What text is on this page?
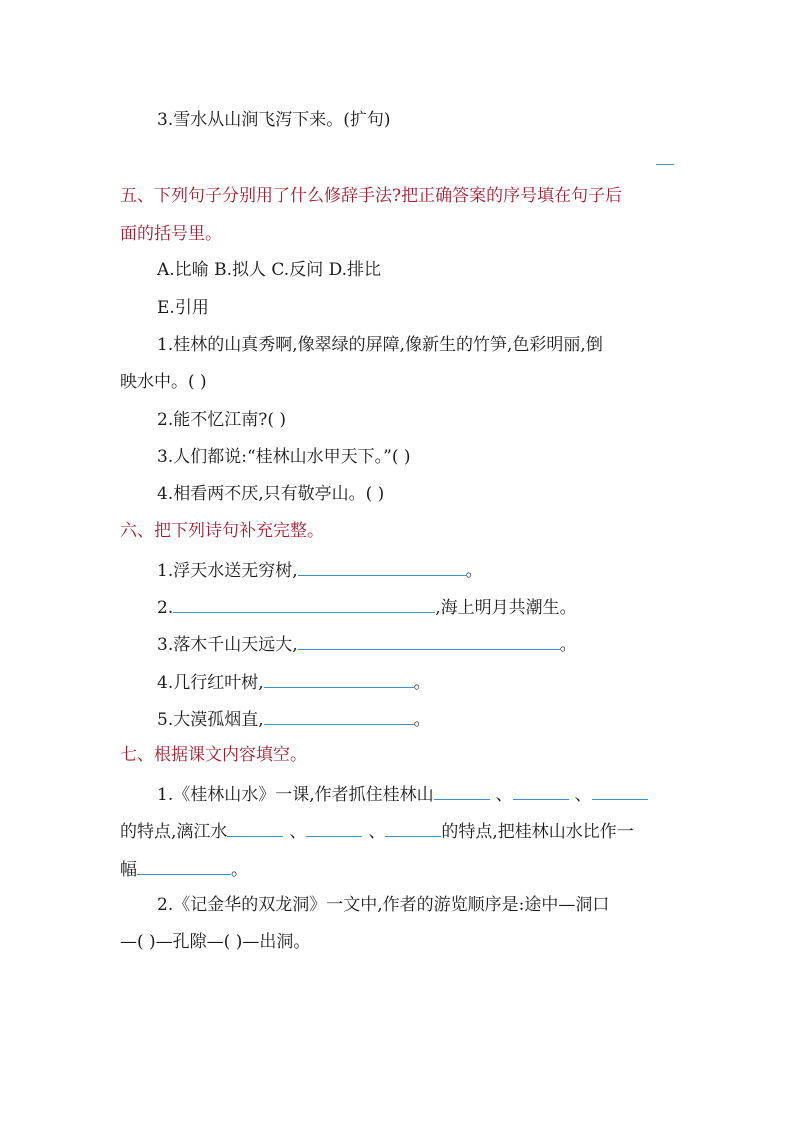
3.雪水从山涧飞泻下来。(扩句)
五、下列句子分别用了什么修辞手法?把正确答案的序号填在句子后
面的括号里。
A.比喻 B.拟人 C.反问 D.排比
E.引用
1.桂林的山真秀啊,像翠绿的屏障,像新生的竹笋,色彩明丽,倒
映水中。( )
2.能不忆江南?( )
3.人们都说:“桂林山水甲天下。”( )
4.相看两不厌,只有敬亭山。( )
六、把下列诗句补充完整。
1.浮天水送无穷树,	。
2.	,海上明月共潮生。
3.落木千山天远大,	。
4.几行红叶树,	。
5.大漠孤烟直,	。
七、根据课文内容填空。
1.《桂林山水》一课,作者抓住桂林山	、	、
的特点,漓江水	、	、	的特点,把桂林山水比作一
幅	。
2.《记金华的双龙洞》一文中,作者的游览顺序是:途中—洞口
—( )—孔隙—( )—出洞。
